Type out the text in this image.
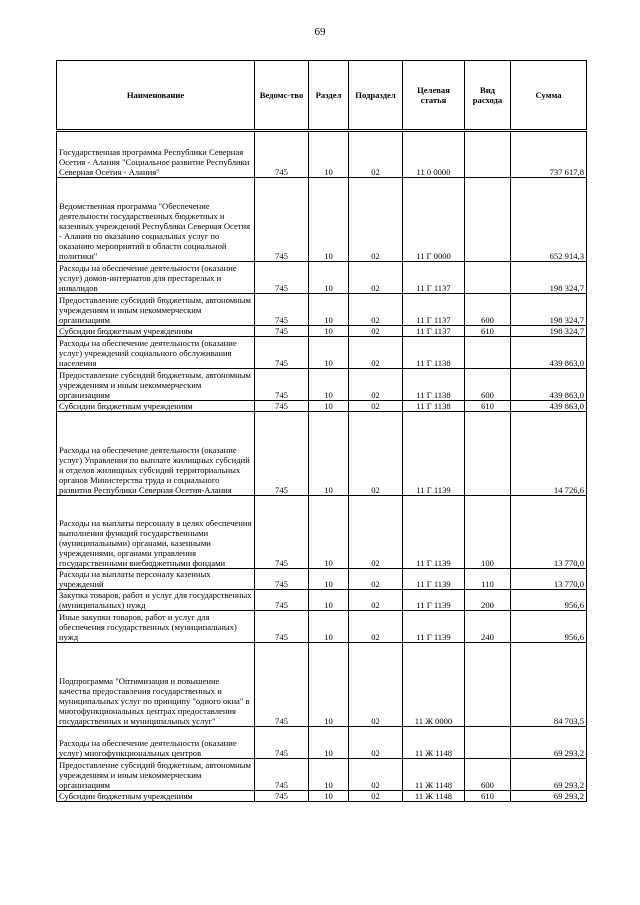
69
Наименование	Ведомс-тво	Раздел	Подраздел	Целевая статья	Вид расхода	Сумма
Государственная программа Республики Северная Осетия - Алания "Социальное развитие Республики Северная Осетия - Алания"	745	10	02	11 0 0000		737 617,8
Ведомственная программа "Обеспечение деятельности государственных бюджетных и казенных учреждений Республики Северная Осетия - Алания по оказанию социальных услуг по оказанию мероприятий в области социальной политики"	745	10	02	11 Г 0000		652 914,3
Расходы на обеспечение деятельности (оказание услуг) домов-интернатов для престарелых и инвалидов	745	10	02	11 Г 1137		198 324,7
Предоставление субсидий бюджетным, автономным учреждениям и иным некоммерческим организациям	745	10	02	11 Г 1137	600	198 324,7
Субсидии бюджетным учреждениям	745	10	02	11 Г 1137	610	198 324,7
Расходы на обеспечение деятельности (оказание услуг) учреждений социального обслуживания населения	745	10	02	11 Г 1138		439 863,0
Предоставление субсидий бюджетным, автономным учреждениям и иным некоммерческим организациям	745	10	02	11 Г 1138	600	439 863,0
Субсидии бюджетным учреждениям	745	10	02	11 Г 1138	610	439 863,0
Расходы на обеспечение деятельности (оказание услуг) Управления по выплате жилищных субсидий и отделов жилищных субсидий территориальных органов Министерства труда и социального развития Республики Северная Осетия-Алания	745	10	02	11 Г 1139		14 726,6
Расходы на выплаты персоналу в целях обеспечения выполнения функций государственными (муниципальными) органами, казенными учреждениями, органами управления государственными внебюджетными фондами	745	10	02	11 Г 1139	100	13 770,0
Расходы на выплаты персоналу казенных учреждений	745	10	02	11 Г 1139	110	13 770,0
Закупка товаров, работ и услуг для государственных (муниципальных) нужд	745	10	02	11 Г 1139	200	956,6
Иные закупки товаров, работ и услуг для обеспечения государственных (муниципальных) нужд	745	10	02	11 Г 1139	240	956,6
Подпрограмма "Оптимизация и повышение качества предоставления государственных и муниципальных услуг по принципу "одного окна" в многофункциональных центрах предоставления государственных и муниципальных услуг"	745	10	02	11 Ж 0000		84 703,5
Расходы на обеспечение деятельности (оказание услуг) многофункциональных центров	745	10	02	11 Ж 1148		69 293,2
Предоставление субсидий бюджетным, автономным учреждениям и иным некоммерческим организациям	745	10	02	11 Ж 1148	600	69 293,2
Субсидии бюджетным учреждениям	745	10	02	11 Ж 1148	610	69 293,2
